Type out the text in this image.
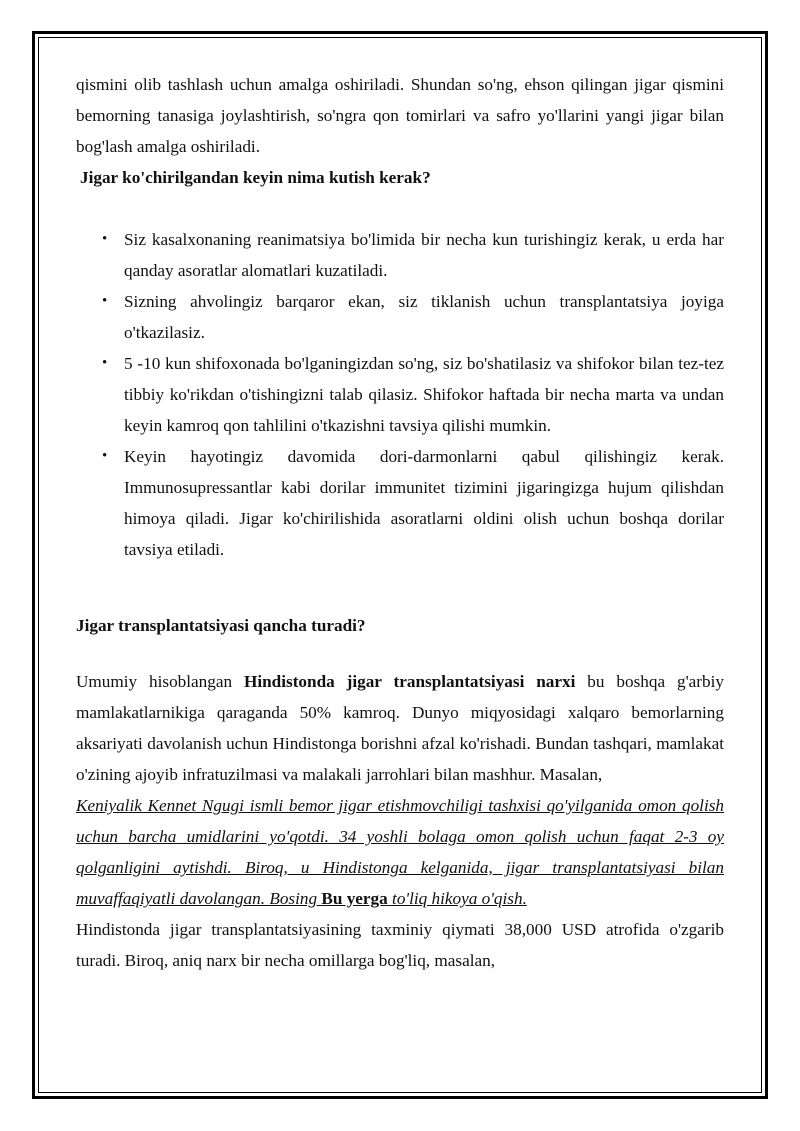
qismini olib tashlash uchun amalga oshiriladi. Shundan so'ng, ehson qilingan jigar qismini bemorning tanasiga joylashtirish, so'ngra qon tomirlari va safro yo'llarini yangi jigar bilan bog'lash amalga oshiriladi.

Jigar ko'chirilgandan keyin nima kutish kerak?

• Siz kasalxonaning reanimatsiya bo'limida bir necha kun turishingiz kerak, u erda har qanday asoratlar alomatlari kuzatiladi.
• Sizning ahvolingiz barqaror ekan, siz tiklanish uchun transplantatsiya joyiga o'tkazilasiz.
• 5 -10 kun shifoxonada bo'lganingizdan so'ng, siz bo'shatilasiz va shifokor bilan tez-tez tibbiy ko'rikdan o'tishingizni talab qilasiz. Shifokor haftada bir necha marta va undan keyin kamroq qon tahlilini o'tkazishni tavsiya qilishi mumkin.
• Keyin hayotingiz davomida dori-darmonlarni qabul qilishingiz kerak. Immunosupressantlar kabi dorilar immunitet tizimini jigaringizga hujum qilishdan himoya qiladi. Jigar ko'chirilishida asoratlarni oldini olish uchun boshqa dorilar tavsiya etiladi.

Jigar transplantatsiyasi qancha turadi?

Umumiy hisoblangan Hindistonda jigar transplantatsiyasi narxi bu boshqa g'arbiy mamlakatlarnikiga qaraganda 50% kamroq. Dunyo miqyosidagi xalqaro bemorlarning aksariyati davolanish uchun Hindistonga borishni afzal ko'rishadi. Bundan tashqari, mamlakat o'zining ajoyib infratuzilmasi va malakali jarrohlari bilan mashhur. Masalan,

Keniyalik Kennet Ngugi ismli bemor jigar etishmovchiligi tashxisi qo'yilganida omon qolish uchun barcha umidlarini yo'qotdi. 34 yoshli bolaga omon qolish uchun faqat 2-3 oy qolganligini aytishdi. Biroq, u Hindistonga kelganida, jigar transplantatsiyasi bilan muvaffaqiyatli davolangan. Bosing Bu yerga to'liq hikoya o'qish.

Hindistonda jigar transplantatsiyasining taxminiy qiymati 38,000 USD atrofida o'zgarib turadi. Biroq, aniq narx bir necha omillarga bog'liq, masalan,
